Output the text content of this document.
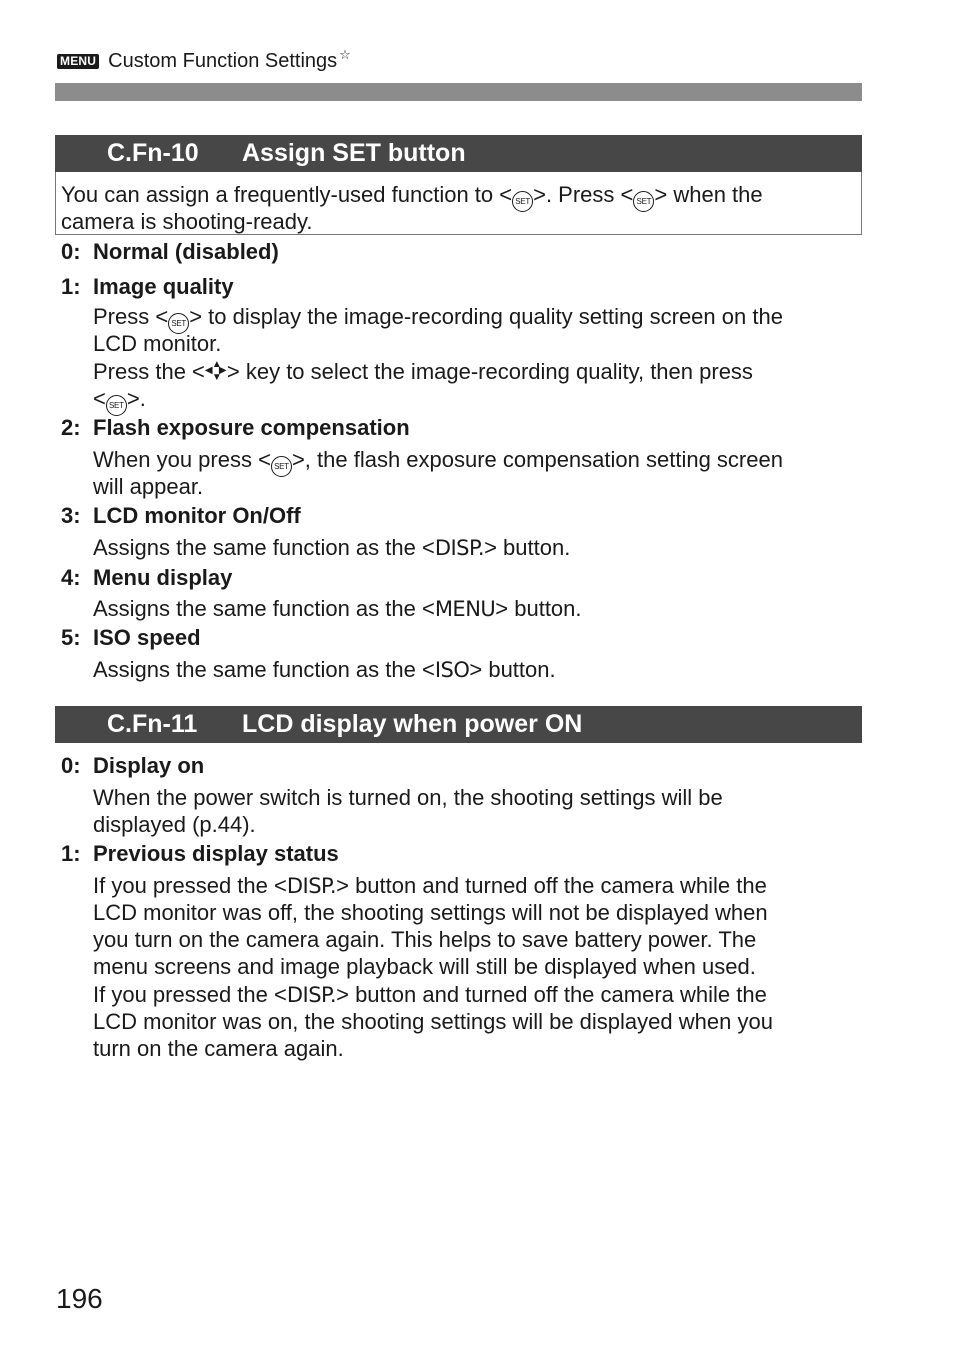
MENU Custom Function Settings ☆
C.Fn-10 Assign SET button
You can assign a frequently-used function to < SET >. Press < SET > when the
camera is shooting-ready.
0: Normal (disabled)
1: Image quality
Press < SET > to display the image-recording quality setting screen on the
LCD monitor.
Press the < ▲
▼
◀ ▶ > key to select the image-recording quality, then press
< SET >.
2: Flash exposure compensation
When you press < SET >, the flash exposure compensation setting screen
will appear.
3: LCD monitor On/Off
Assigns the same function as the <DISP.> button.
4: Menu display
Assigns the same function as the <MENU> button.
5: ISO speed
Assigns the same function as the <ISO> button.
C.Fn-11 LCD display when power ON
0: Display on
When the power switch is turned on, the shooting settings will be
displayed (p.44).
1: Previous display status
If you pressed the <DISP.> button and turned off the camera while the
LCD monitor was off, the shooting settings will not be displayed when
you turn on the camera again. This helps to save battery power. The
menu screens and image playback will still be displayed when used.
If you pressed the <DISP.> button and turned off the camera while the
LCD monitor was on, the shooting settings will be displayed when you
turn on the camera again.
196
